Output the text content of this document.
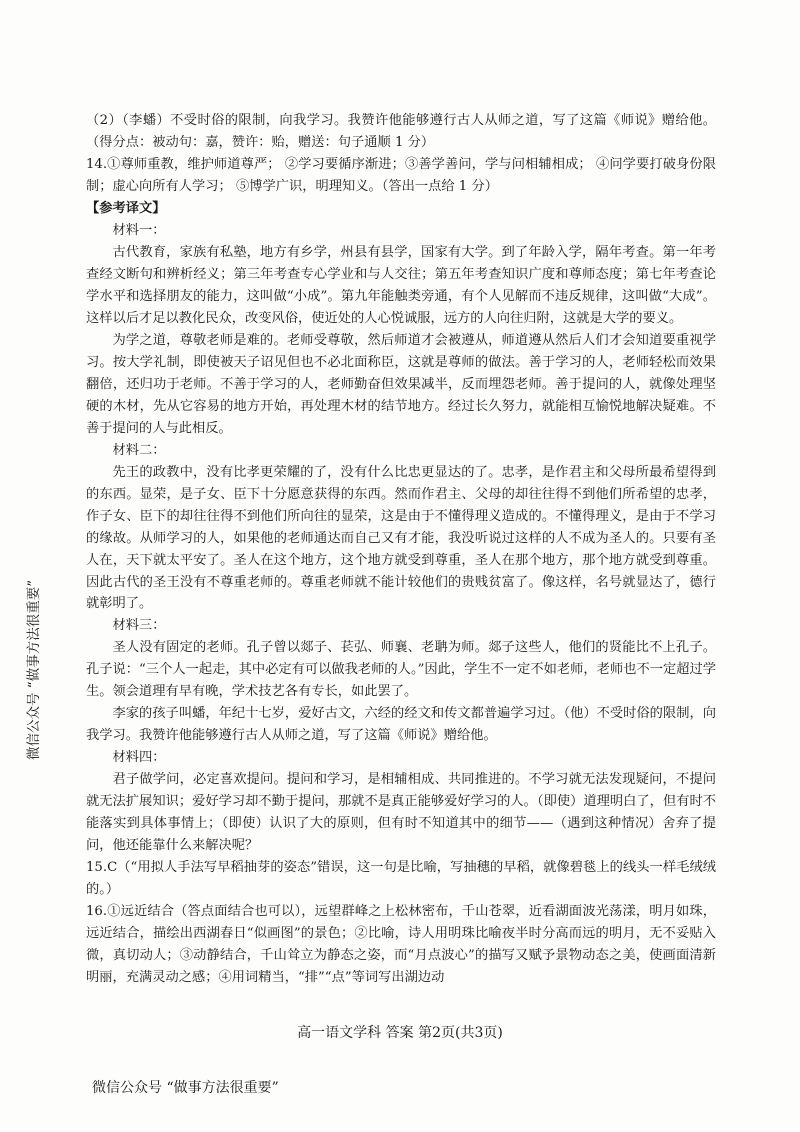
（2）（李蟠）不受时俗的限制，向我学习。我赞许他能够遵行古人从师之道，写了这篇《师说》赠给他。（得分点：被动句：嘉，赞许：贻，赠送：句子通顺 1 分）

14.①尊师重教，维护师道尊严； ②学习要循序渐进；③善学善问，学与问相辅相成； ④问学要打破身份限制；虚心向所有人学习； ⑤博学广识，明理知义。（答出一点给 1 分）

【参考译文】

材料一：

古代教育，家族有私塾，地方有乡学，州县有县学，国家有大学。到了年龄入学，隔年考查。第一年考查经文断句和辨析经义；第三年考查专心学业和与人交往；第五年考查知识广度和尊师态度；第七年考查论学水平和选择朋友的能力，这叫做“小成”。第九年能触类旁通，有个人见解而不违反规律，这叫做“大成”。这样以后才足以教化民众，改变风俗，使近处的人心悦诚服，远方的人向往归附，这就是大学的要义。

为学之道，尊敬老师是难的。老师受尊敬，然后师道才会被遵从，师道遵从然后人们才会知道要重视学习。按大学礼制，即使被天子诏见但也不必北面称臣，这就是尊师的做法。善于学习的人，老师轻松而效果翻倍，还归功于老师。不善于学习的人，老师勤奋但效果减半，反而埋怨老师。善于提问的人，就像处理坚硬的木材，先从它容易的地方开始，再处理木材的结节地方。经过长久努力，就能相互愉悦地解决疑难。不善于提问的人与此相反。

材料二：

先王的政教中，没有比孝更荣耀的了，没有什么比忠更显达的了。忠孝，是作君主和父母所最希望得到的东西。显荣，是子女、臣下十分愿意获得的东西。然而作君主、父母的却往往得不到他们所希望的忠孝，作子女、臣下的却往往得不到他们所向往的显荣，这是由于不懂得理义造成的。不懂得理义，是由于不学习的缘故。从师学习的人，如果他的老师通达而自己又有才能，我没听说过这样的人不成为圣人的。只要有圣人在，天下就太平安了。圣人在这个地方，这个地方就受到尊重，圣人在那个地方，那个地方就受到尊重。因此古代的圣王没有不尊重老师的。尊重老师就不能计较他们的贵贱贫富了。像这样，名号就显达了，德行就彰明了。

材料三：

圣人没有固定的老师。孔子曾以郯子、苌弘、师襄、老聃为师。郯子这些人，他们的贤能比不上孔子。孔子说：“三个人一起走，其中必定有可以做我老师的人。”因此，学生不一定不如老师，老师也不一定超过学生。领会道理有早有晚，学术技艺各有专长，如此罢了。

李家的孩子叫蟠，年纪十七岁，爱好古文，六经的经文和传文都普遍学习过。（他）不受时俗的限制，向我学习。我赞许他能够遵行古人从师之道，写了这篇《师说》赠给他。

材料四：

君子做学问，必定喜欢提问。提问和学习，是相辅相成、共同推进的。不学习就无法发现疑问，不提问就无法扩展知识；爱好学习却不勤于提问，那就不是真正能够爱好学习的人。（即使）道理明白了，但有时不能落实到具体事情上；（即使）认识了大的原则，但有时不知道其中的细节——（遇到这种情况）舍弃了提问，他还能靠什么来解决呢？

15.C（“用拟人手法写早稻抽芽的姿态”错误，这一句是比喻，写抽穗的早稻，就像碧毯上的线头一样毛绒绒的。）

16.①远近结合（答点面结合也可以），远望群峰之上松林密布，千山苍翠，近看湖面波光荡漾，明月如珠，远近结合，描绘出西湖春日“似画图”的景色；②比喻，诗人用明珠比喻夜半时分高而远的明月，无不妥贴入微，真切动人；③动静结合，千山耸立为静态之姿，而“月点波心”的描写又赋予景物动态之美，使画面清新明丽，充满灵动之感；④用词精当，“排”“点”等词写出湖边动

微信公众号 “做事方法很重要”
高一语文学科 答案 第2页(共3页)
微信公众号 “做事方法很重要”
